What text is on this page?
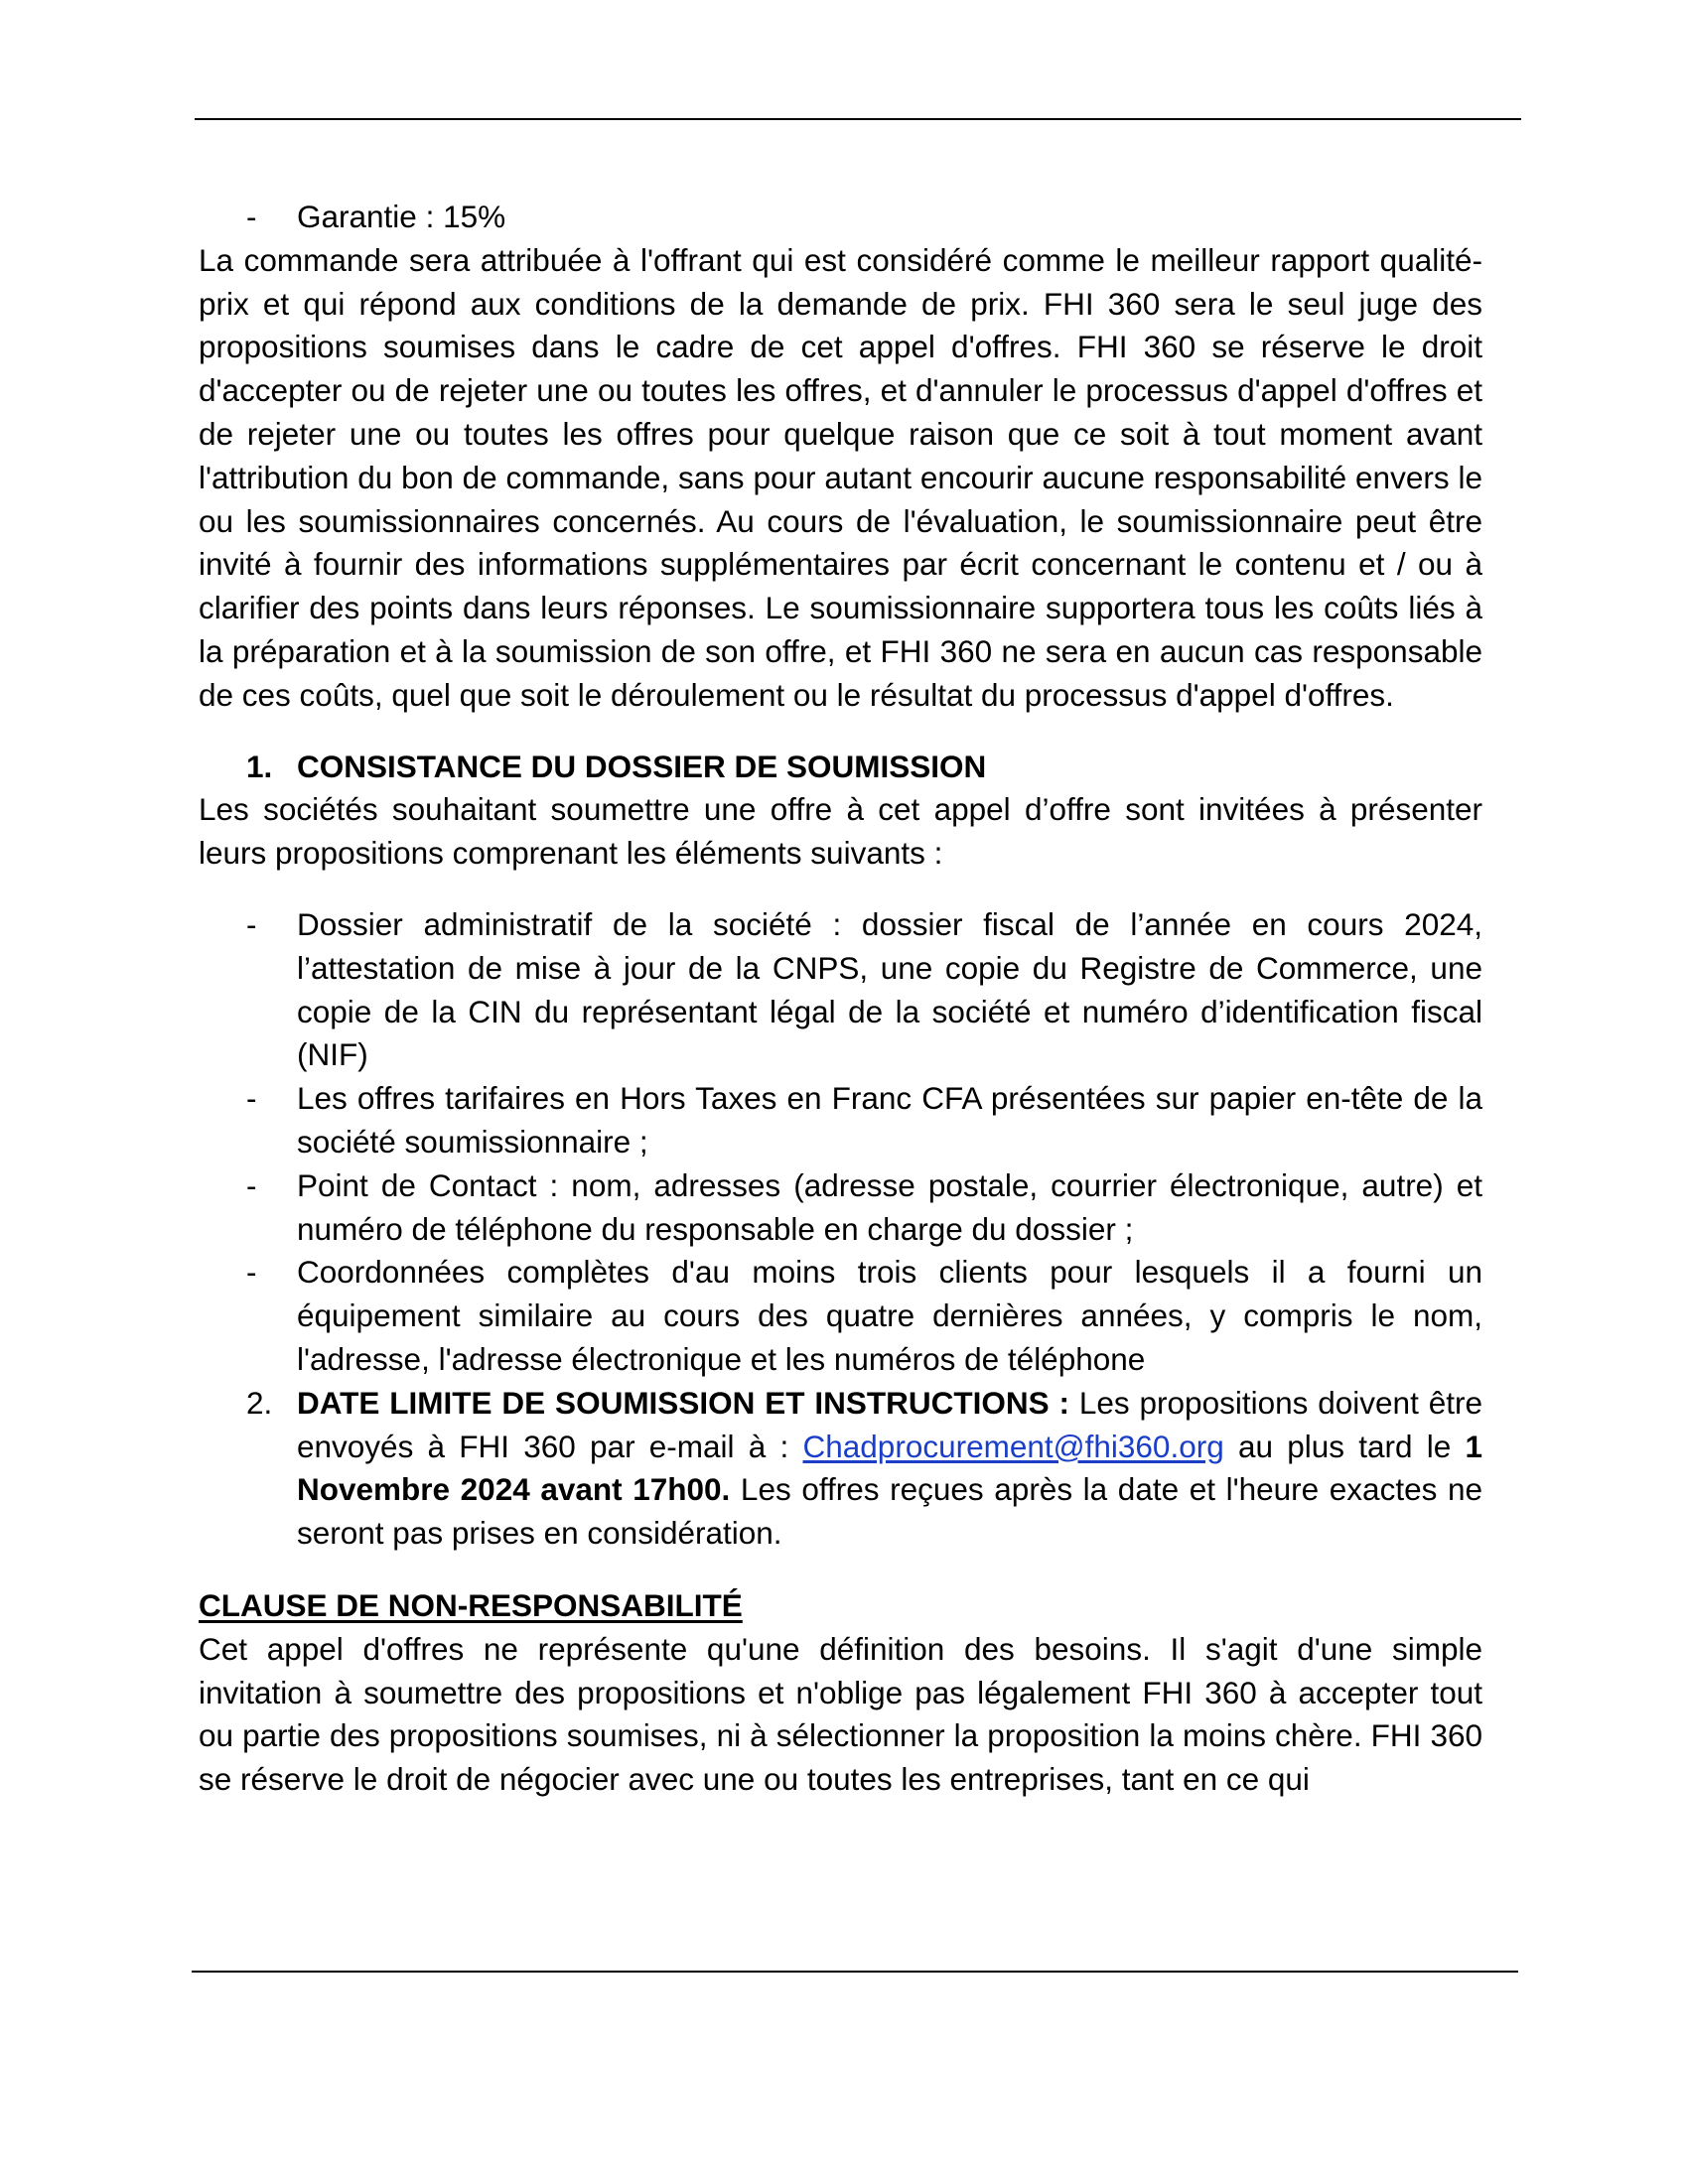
- Garantie : 15%

La commande sera attribuée à l'offrant qui est considéré comme le meilleur rapport qualité-prix et qui répond aux conditions de la demande de prix. FHI 360 sera le seul juge des propositions soumises dans le cadre de cet appel d'offres. FHI 360 se réserve le droit d'accepter ou de rejeter une ou toutes les offres, et d'annuler le processus d'appel d'offres et de rejeter une ou toutes les offres pour quelque raison que ce soit à tout moment avant l'attribution du bon de commande, sans pour autant encourir aucune responsabilité envers le ou les soumissionnaires concernés. Au cours de l'évaluation, le soumissionnaire peut être invité à fournir des informations supplémentaires par écrit concernant le contenu et / ou à clarifier des points dans leurs réponses. Le soumissionnaire supportera tous les coûts liés à la préparation et à la soumission de son offre, et FHI 360 ne sera en aucun cas responsable de ces coûts, quel que soit le déroulement ou le résultat du processus d'appel d'offres.

1. CONSISTANCE DU DOSSIER DE SOUMISSION

Les sociétés souhaitant soumettre une offre à cet appel d’offre sont invitées à présenter leurs propositions comprenant les éléments suivants :

- Dossier administratif de la société : dossier fiscal de l’année en cours 2024, l’attestation de mise à jour de la CNPS, une copie du Registre de Commerce, une copie de la CIN du représentant légal de la société et numéro d’identification fiscal (NIF)
- Les offres tarifaires en Hors Taxes en Franc CFA présentées sur papier en-tête de la société soumissionnaire ;
- Point de Contact : nom, adresses (adresse postale, courrier électronique, autre) et numéro de téléphone du responsable en charge du dossier ;
- Coordonnées complètes d'au moins trois clients pour lesquels il a fourni un équipement similaire au cours des quatre dernières années, y compris le nom, l'adresse, l'adresse électronique et les numéros de téléphone
2. DATE LIMITE DE SOUMISSION ET INSTRUCTIONS : Les propositions doivent être envoyés à FHI 360 par e-mail à : Chadprocurement@fhi360.org au plus tard le 1 Novembre 2024 avant 17h00. Les offres reçues après la date et l'heure exactes ne seront pas prises en considération.
CLAUSE DE NON-RESPONSABILITÉ

Cet appel d'offres ne représente qu'une définition des besoins. Il s'agit d'une simple invitation à soumettre des propositions et n'oblige pas légalement FHI 360 à accepter tout ou partie des propositions soumises, ni à sélectionner la proposition la moins chère. FHI 360 se réserve le droit de négocier avec une ou toutes les entreprises, tant en ce qui
